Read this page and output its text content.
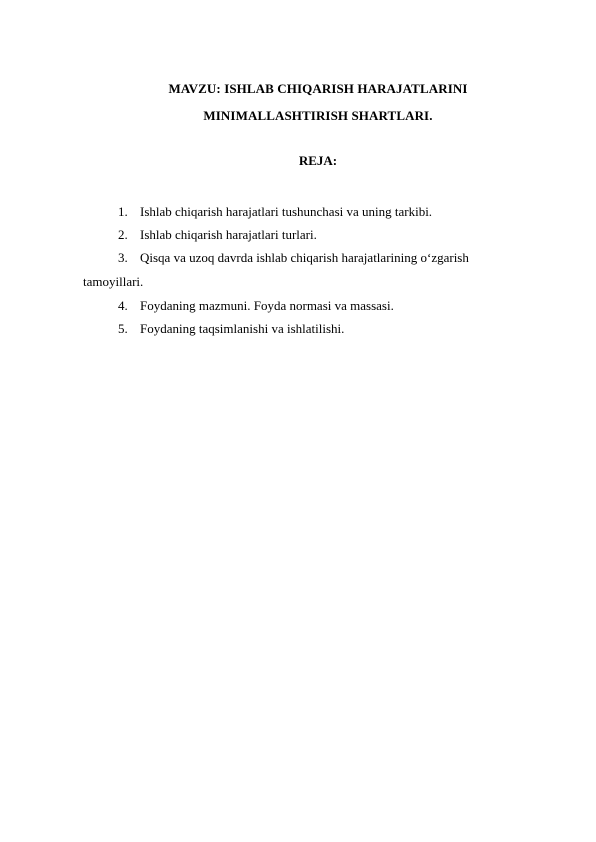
MAVZU: ISHLAB CHIQARISH HARAJATLARINI
MINIMALLASHTIRISH SHARTLARI.
REJA:
1. Ishlab chiqarish harajatlari tushunchasi va uning tarkibi.
2. Ishlab chiqarish harajatlari turlari.
3. Qisqa va uzoq davrda ishlab chiqarish harajatlarining o‘zgarish
tamoyillari.
4. Foydaning mazmuni. Foyda normasi va massasi.
5. Foydaning taqsimlanishi va ishlatilishi.
